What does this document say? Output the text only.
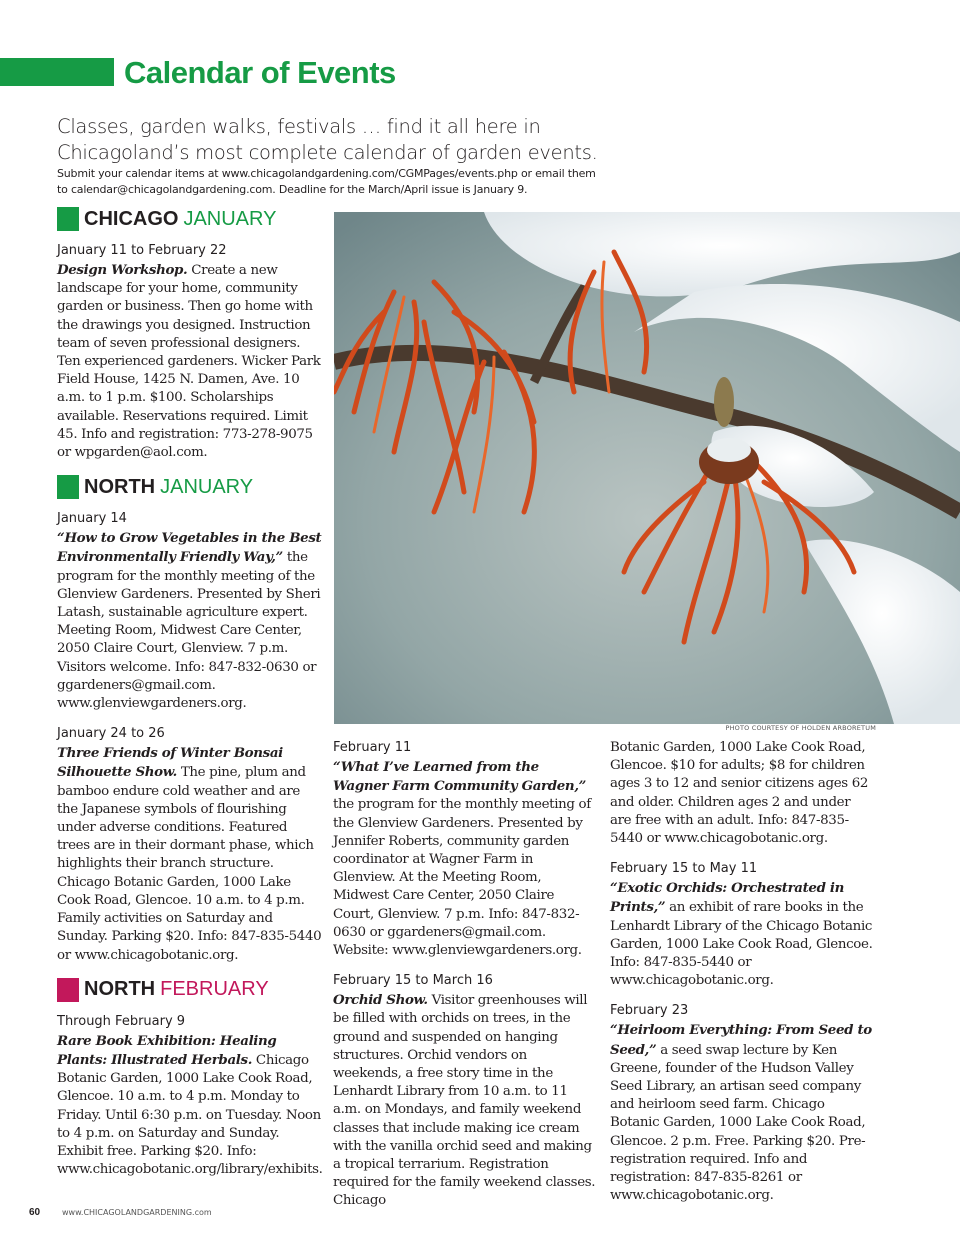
Calendar of Events

Classes, garden walks, festivals … find it all here in Chicagoland’s most complete calendar of garden events.

Submit your calendar items at www.chicagolandgardening.com/CGMPages/events.php or email them to calendar@chicagolandgardening.com. Deadline for the March/April issue is January 9.

CHICAGO JANUARY

January 11 to February 22

Design Workshop. Create a new landscape for your home, community garden or business. Then go home with the drawings you designed. Instruction team of seven professional designers. Ten experienced gardeners. Wicker Park Field House, 1425 N. Damen, Ave. 10 a.m. to 1 p.m. $100. Scholarships available. Reservations required. Limit 45. Info and registration: 773-278-9075 or wpgarden@aol.com.

NORTH JANUARY

January 14

“How to Grow Vegetables in the Best Environmentally Friendly Way,” the program for the monthly meeting of the Glenview Gardeners. Presented by Sheri Latash, sustainable agriculture expert. Meeting Room, Midwest Care Center, 2050 Claire Court, Glenview. 7 p.m. Visitors welcome. Info: 847-832-0630 or ggardeners@gmail.com. www.glenviewgardeners.org.

January 24 to 26

Three Friends of Winter Bonsai Silhouette Show. The pine, plum and bamboo endure cold weather and are the Japanese symbols of flourishing under adverse conditions. Featured trees are in their dormant phase, which highlights their branch structure. Chicago Botanic Garden, 1000 Lake Cook Road, Glencoe. 10 a.m. to 4 p.m. Family activities on Saturday and Sunday. Parking $20. Info: 847-835-5440 or www.chicagobotanic.org.

NORTH FEBRUARY

Through February 9

Rare Book Exhibition: Healing Plants: Illustrated Herbals. Chicago Botanic Garden, 1000 Lake Cook Road, Glencoe. 10 a.m. to 4 p.m. Monday to Friday. Until 6:30 p.m. on Tuesday. Noon to 4 p.m. on Saturday and Sunday. Exhibit free. Parking $20. Info: www.chicagobotanic.org/library/exhibits.

PHOTO COURTESY OF HOLDEN ARBORETUM

February 11

“What I’ve Learned from the Wagner Farm Community Garden,” the program for the monthly meeting of the Glenview Gardeners. Presented by Jennifer Roberts, community garden coordinator at Wagner Farm in Glenview. At the Meeting Room, Midwest Care Center, 2050 Claire Court, Glenview. 7 p.m. Info: 847-832-0630 or ggardeners@gmail.com. Website: www.glenviewgardeners.org.

February 15 to March 16

Orchid Show. Visitor greenhouses will be filled with orchids on trees, in the ground and suspended on hanging structures. Orchid vendors on weekends, a free story time in the Lenhardt Library from 10 a.m. to 11 a.m. on Mondays, and family weekend classes that include making ice cream with the vanilla orchid seed and making a tropical terrarium. Registration required for the family weekend classes. Chicago

Botanic Garden, 1000 Lake Cook Road, Glencoe. $10 for adults; $8 for children ages 3 to 12 and senior citizens ages 62 and older. Children ages 2 and under are free with an adult. Info: 847-835-5440 or www.chicagobotanic.org.

February 15 to May 11

“Exotic Orchids: Orchestrated in Prints,” an exhibit of rare books in the Lenhardt Library of the Chicago Botanic Garden, 1000 Lake Cook Road, Glencoe. Info: 847-835-5440 or www.chicagobotanic.org.

February 23

“Heirloom Everything: From Seed to Seed,” a seed swap lecture by Ken Greene, founder of the Hudson Valley Seed Library, an artisan seed company and heirloom seed farm. Chicago Botanic Garden, 1000 Lake Cook Road, Glencoe. 2 p.m. Free. Parking $20. Pre-registration required. Info and registration: 847-835-8261 or www.chicagobotanic.org.

60	www.CHICAGOLANDGARDENING.com
